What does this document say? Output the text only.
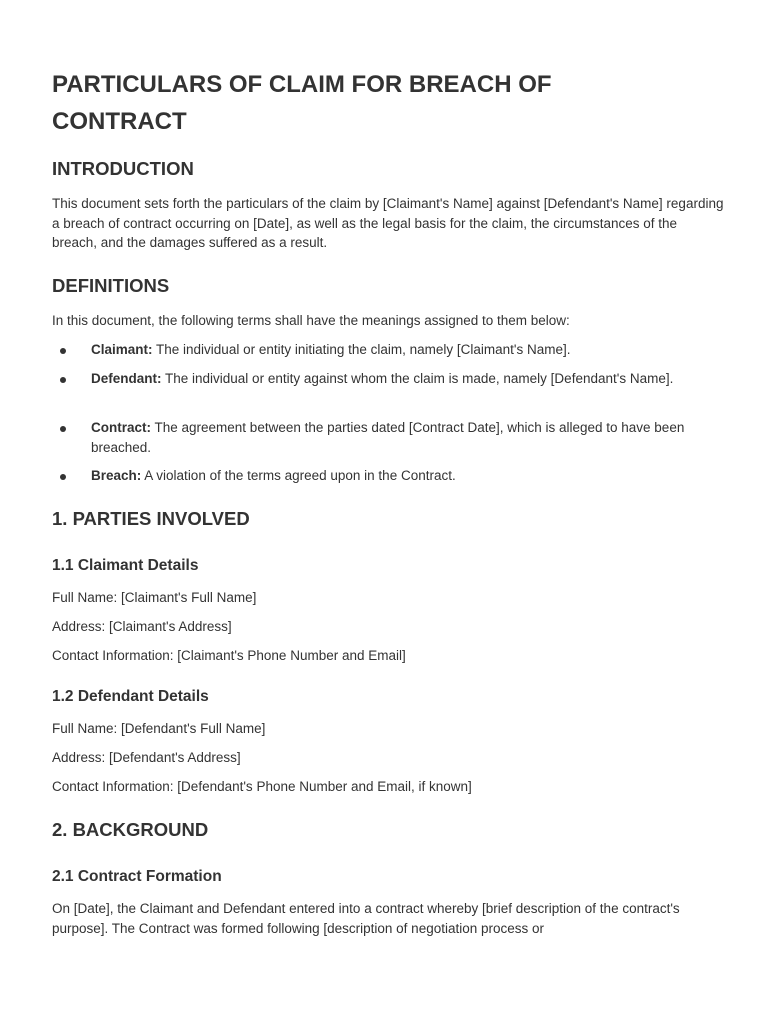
PARTICULARS OF CLAIM FOR BREACH OF CONTRACT
INTRODUCTION

This document sets forth the particulars of the claim by [Claimant's Name] against [Defendant's Name] regarding a breach of contract occurring on [Date], as well as the legal basis for the claim, the circumstances of the breach, and the damages suffered as a result.

DEFINITIONS

In this document, the following terms shall have the meanings assigned to them below:

Claimant: The individual or entity initiating the claim, namely [Claimant's Name].

Defendant: The individual or entity against whom the claim is made, namely [Defendant's Name].

Contract: The agreement between the parties dated [Contract Date], which is alleged to have been breached.

Breach: A violation of the terms agreed upon in the Contract.

1. PARTIES INVOLVED
1.1 Claimant Details

Full Name: [Claimant's Full Name]

Address: [Claimant's Address]

Contact Information: [Claimant's Phone Number and Email]

1.2 Defendant Details

Full Name: [Defendant's Full Name]

Address: [Defendant's Address]

Contact Information: [Defendant's Phone Number and Email, if known]

2. BACKGROUND
2.1 Contract Formation

On [Date], the Claimant and Defendant entered into a contract whereby [brief description of the contract's purpose]. The Contract was formed following [description of negotiation process or
